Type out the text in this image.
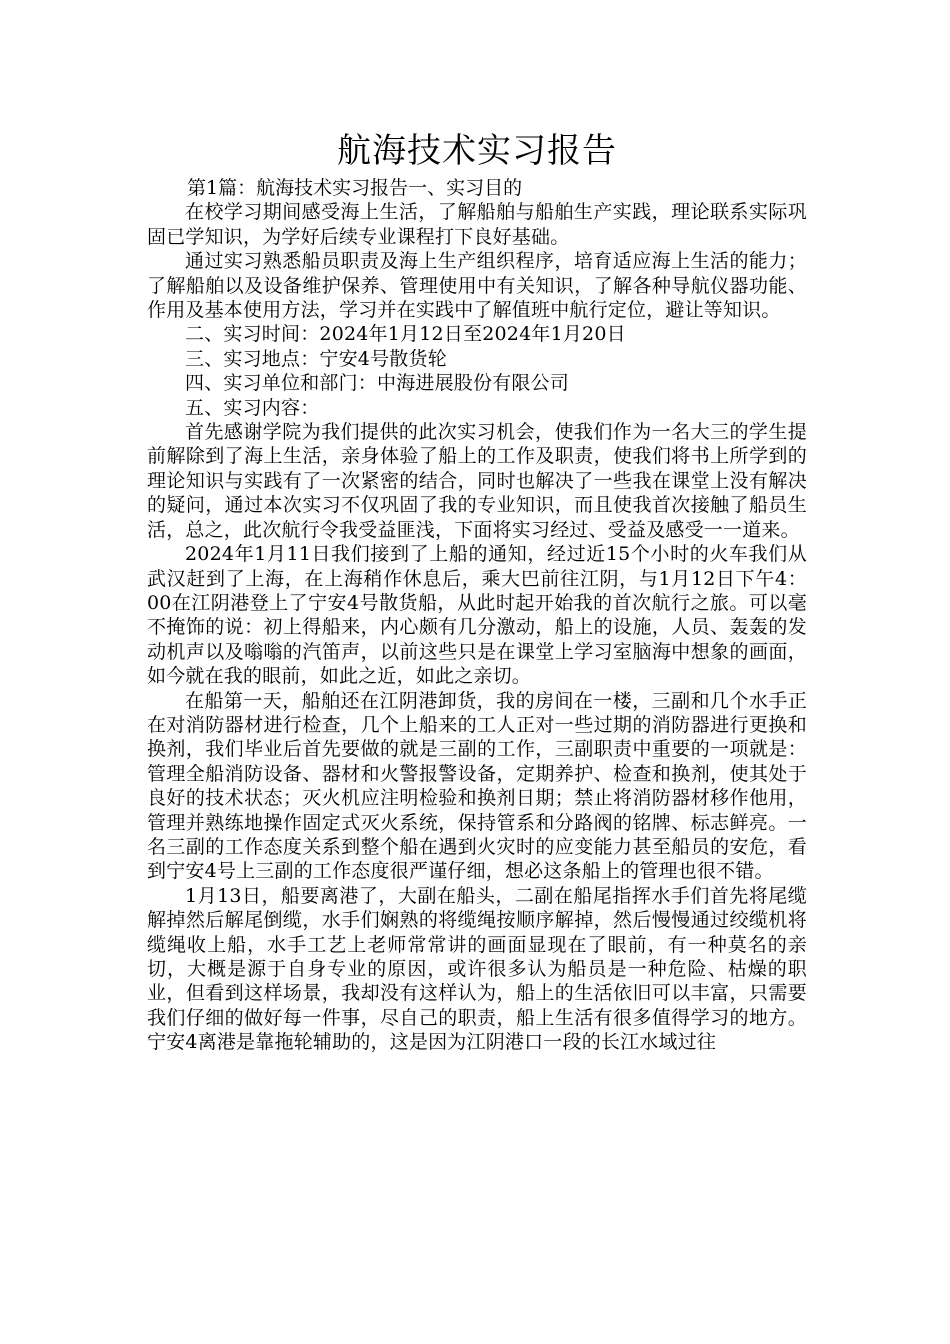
航海技术实习报告
第1篇：航海技术实习报告一、实习目的

在校学习期间感受海上生活，了解船舶与船舶生产实践，理论联系实际巩固已学知识，为学好后续专业课程打下良好基础。

通过实习熟悉船员职责及海上生产组织程序，培育适应海上生活的能力；了解船舶以及设备维护保养、管理使用中有关知识，了解各种导航仪器功能、作用及基本使用方法，学习并在实践中了解值班中航行定位，避让等知识。

二、实习时间：2024年1月12日至2024年1月20日

三、实习地点：宁安4号散货轮

四、实习单位和部门：中海进展股份有限公司

五、实习内容：

首先感谢学院为我们提供的此次实习机会，使我们作为一名大三的学生提前解除到了海上生活，亲身体验了船上的工作及职责，使我们将书上所学到的理论知识与实践有了一次紧密的结合，同时也解决了一些我在课堂上没有解决的疑问，通过本次实习不仅巩固了我的专业知识，而且使我首次接触了船员生活，总之，此次航行令我受益匪浅，下面将实习经过、受益及感受一一道来。

2024年1月11日我们接到了上船的通知，经过近15个小时的火车我们从武汉赶到了上海，在上海稍作休息后，乘大巴前往江阴，与1月12日下午4：00在江阴港登上了宁安4号散货船，从此时起开始我的首次航行之旅。可以毫不掩饰的说：初上得船来，内心颇有几分激动，船上的设施，人员、轰轰的发动机声以及嗡嗡的汽笛声，以前这些只是在课堂上学习室脑海中想象的画面，如今就在我的眼前，如此之近，如此之亲切。

在船第一天，船舶还在江阴港卸货，我的房间在一楼，三副和几个水手正在对消防器材进行检查，几个上船来的工人正对一些过期的消防器进行更换和换剂，我们毕业后首先要做的就是三副的工作，三副职责中重要的一项就是：管理全船消防设备、器材和火警报警设备，定期养护、检查和换剂，使其处于良好的技术状态；灭火机应注明检验和换剂日期；禁止将消防器材移作他用，管理并熟练地操作固定式灭火系统，保持管系和分路阀的铭牌、标志鲜亮。一名三副的工作态度关系到整个船在遇到火灾时的应变能力甚至船员的安危，看到宁安4号上三副的工作态度很严谨仔细，想必这条船上的管理也很不错。

1月13日，船要离港了，大副在船头，二副在船尾指挥水手们首先将尾缆解掉然后解尾倒缆，水手们娴熟的将缆绳按顺序解掉，然后慢慢通过绞缆机将缆绳收上船，水手工艺上老师常常讲的画面显现在了眼前，有一种莫名的亲切，大概是源于自身专业的原因，或许很多认为船员是一种危险、枯燥的职业，但看到这样场景，我却没有这样认为，船上的生活依旧可以丰富，只需要我们仔细的做好每一件事，尽自己的职责，船上生活有很多值得学习的地方。宁安4离港是靠拖轮辅助的，这是因为江阴港口一段的长江水域过往
